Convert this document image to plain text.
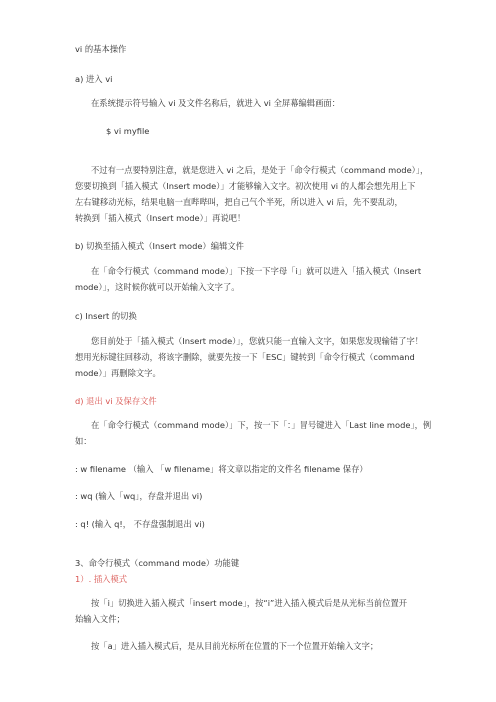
vi 的基本操作
a) 进入 vi
在系统提示符号输入 vi 及文件名称后，就进入 vi 全屏幕编辑画面：
$ vi myfile
不过有一点要特别注意，就是您进入 vi 之后，是处于「命令行模式（command mode）」，
您要切换到「插入模式（Insert mode）」才能够输入文字。初次使用 vi 的人都会想先用上下
左右键移动光标，结果电脑一直哔哔叫，把自己气个半死，所以进入 vi 后，先不要乱动，
转换到「插入模式（Insert mode）」再说吧！
b) 切换至插入模式（Insert mode）编辑文件
在「命令行模式（command mode）」下按一下字母「i」就可以进入「插入模式（Insert
mode）」，这时候你就可以开始输入文字了。
c) Insert 的切换
您目前处于「插入模式（Insert mode）」，您就只能一直输入文字，如果您发现输错了字！
想用光标键往回移动，将该字删除，就要先按一下「ESC」键转到「命令行模式（command
mode）」再删除文字。
d) 退出 vi 及保存文件
在「命令行模式（command mode）」下，按一下「：」冒号键进入「Last line mode」，例
如：
: w filename （输入 「w filename」将文章以指定的文件名 filename 保存）
: wq (输入「wq」，存盘并退出 vi)
: q! (输入 q!， 不存盘强制退出 vi)
3、命令行模式（command mode）功能键
1）. 插入模式
按「i」切换进入插入模式「insert mode」，按“i”进入插入模式后是从光标当前位置开
始输入文件；
按「a」进入插入模式后，是从目前光标所在位置的下一个位置开始输入文字；
